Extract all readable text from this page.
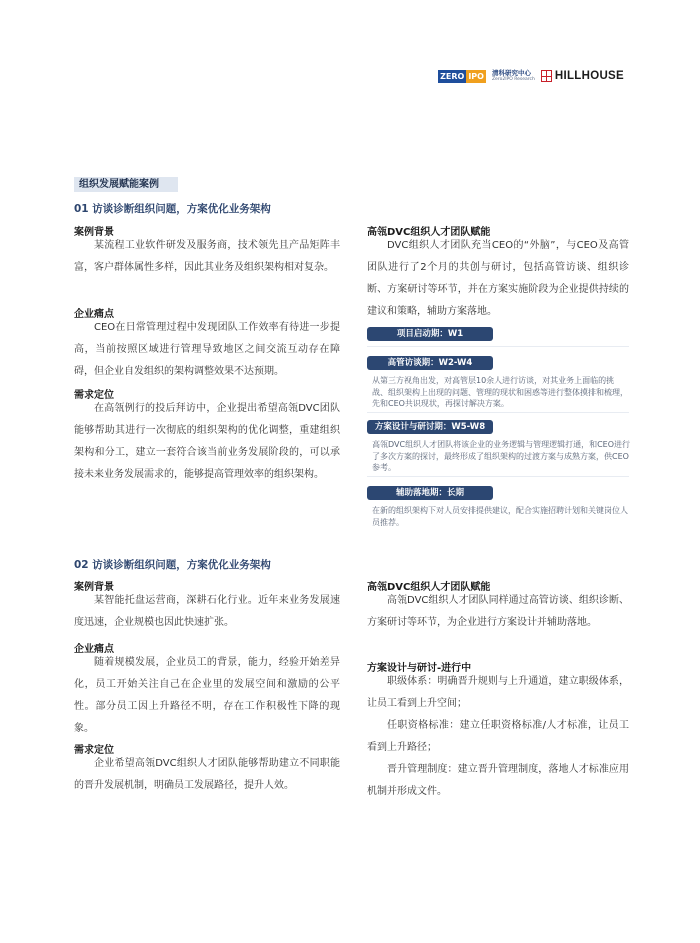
ZERO IPO	清科研究中心
Zero2IPO Research HILLHOUSE
组织发展赋能案例
01 访谈诊断组织问题，方案优化业务架构
案例背景

某流程工业软件研发及服务商，技术领先且产品矩阵丰富，客户群体属性多样，因此其业务及组织架构相对复杂。

企业痛点

CEO在日常管理过程中发现团队工作效率有待进一步提高，当前按照区域进行管理导致地区之间交流互动存在障碍，但企业自发组织的架构调整效果不达预期。

需求定位

在高瓴例行的投后拜访中，企业提出希望高瓴DVC团队能够帮助其进行一次彻底的组织架构的优化调整，重建组织架构和分工，建立一套符合该当前业务发展阶段的，可以承接未来业务发展需求的，能够提高管理效率的组织架构。

高瓴DVC组织人才团队赋能

DVC组织人才团队充当CEO的“外脑”，与CEO及高管团队进行了2个月的共创与研讨，包括高管访谈、组织诊断、方案研讨等环节，并在方案实施阶段为企业提供持续的建议和策略，辅助方案落地。

项目启动期：W1
高管访谈期：W2-W4

从第三方视角出发，对高管层10余人进行访谈，对其业务上面临的挑战、组织架构上出现的问题、管理的现状和困惑等进行整体摸排和梳理，先和CEO共识现状，再探讨解决方案。

方案设计与研讨期：W5-W8

高瓴DVC组织人才团队将该企业的业务逻辑与管理逻辑打通，和CEO进行了多次方案的探讨，最终形成了组织架构的过渡方案与成熟方案，供CEO参考。

辅助落地期：长期

在新的组织架构下对人员安排提供建议，配合实施招聘计划和关键岗位人员推荐。

02 访谈诊断组织问题，方案优化业务架构
案例背景

某智能托盘运营商，深耕石化行业。近年来业务发展速度迅速，企业规模也因此快速扩张。

企业痛点

随着规模发展，企业员工的背景，能力，经验开始差异化，员工开始关注自己在企业里的发展空间和激励的公平性。部分员工因上升路径不明，存在工作积极性下降的现象。

需求定位

企业希望高瓴DVC组织人才团队能够帮助建立不同职能的晋升发展机制，明确员工发展路径，提升人效。

高瓴DVC组织人才团队赋能

高瓴DVC组织人才团队同样通过高管访谈、组织诊断、方案研讨等环节，为企业进行方案设计并辅助落地。

方案设计与研讨-进行中

职级体系：明确晋升规则与上升通道，建立职级体系，让员工看到上升空间；

任职资格标准：建立任职资格标准/人才标准，让员工看到上升路径；

晋升管理制度：建立晋升管理制度，落地人才标准应用机制并形成文件。
